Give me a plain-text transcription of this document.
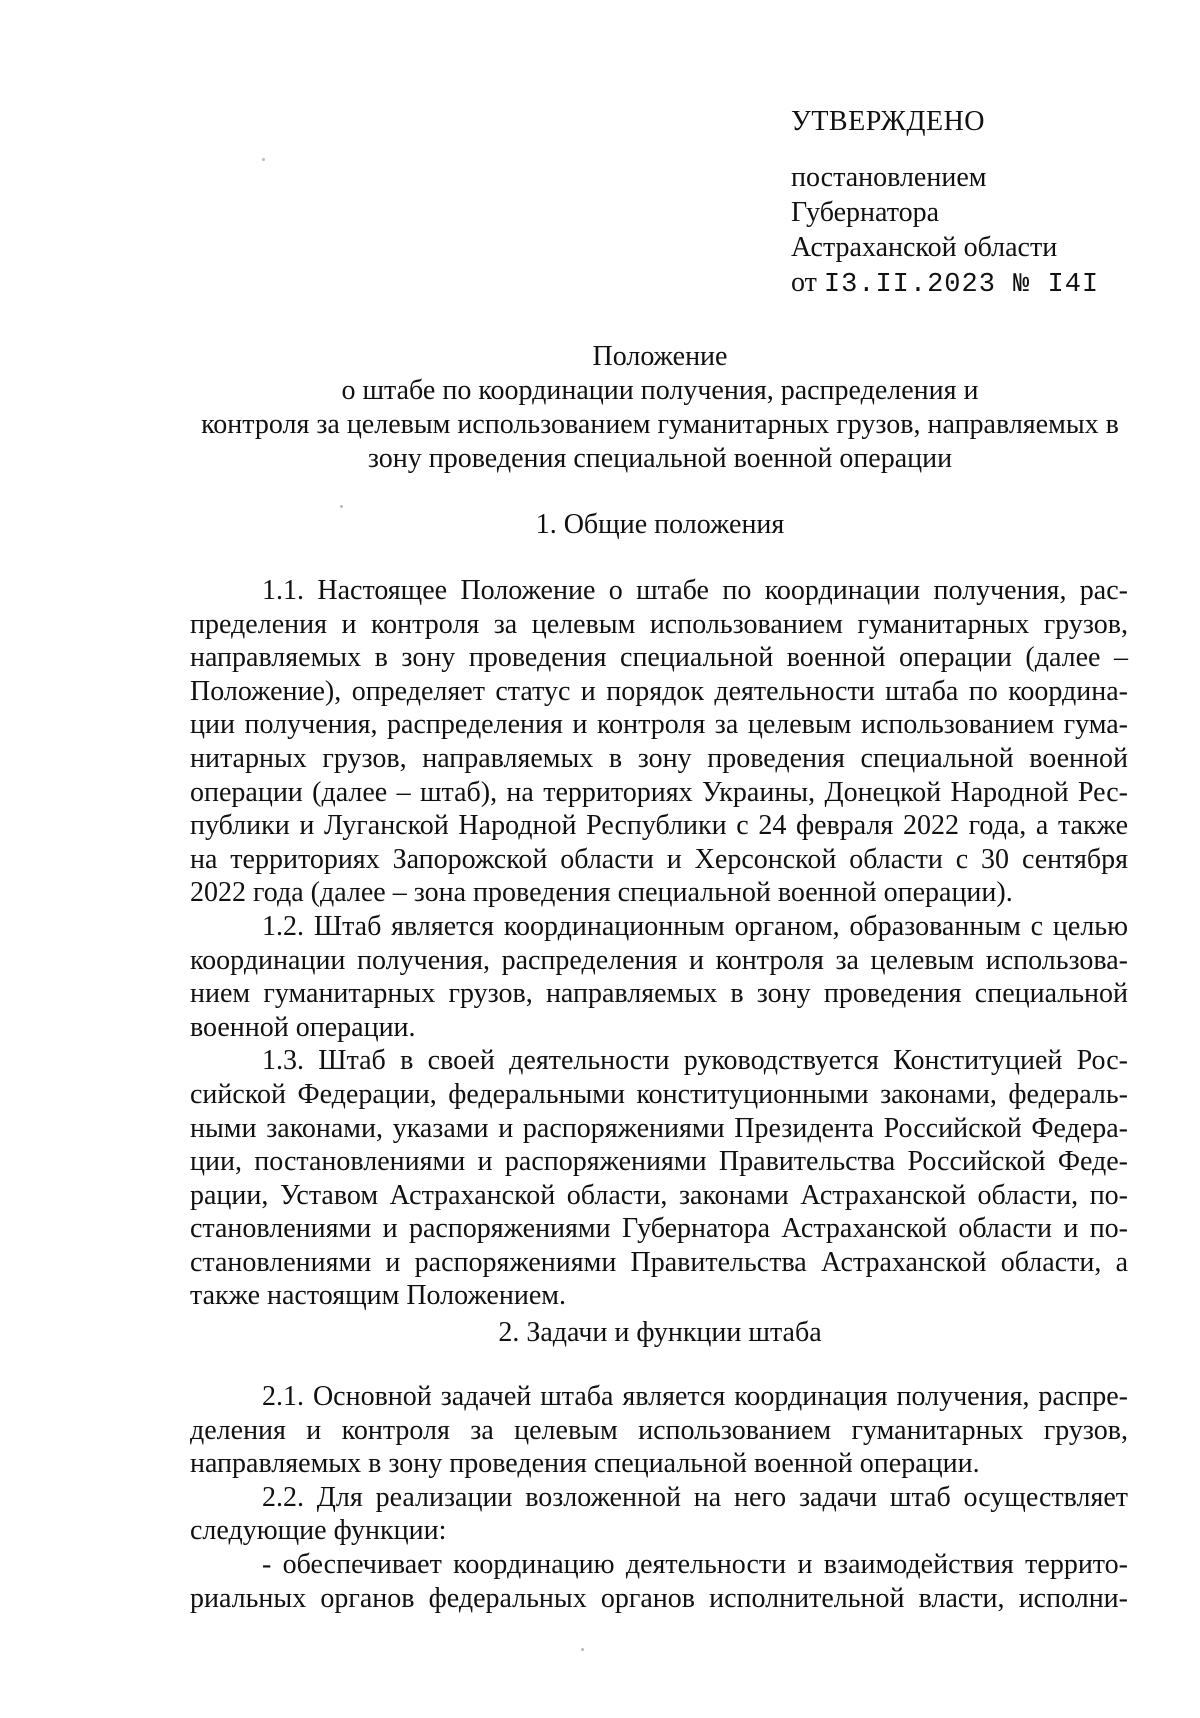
УТВЕРЖДЕНО
постановлением
Губернатора
Астраханской области
от I3.II.2023 № I4I
Положение
о штабе по координации получения, распределения и
контроля за целевым использованием гуманитарных грузов, направляемых в
зону проведения специальной военной операции
1. Общие положения
1.1. Настоящее Положение о штабе по координации получения, рас-
пределения и контроля за целевым использованием гуманитарных грузов,
направляемых в зону проведения специальной военной операции (далее –
Положение), определяет статус и порядок деятельности штаба по координа-
ции получения, распределения и контроля за целевым использованием гума-
нитарных грузов, направляемых в зону проведения специальной военной
операции (далее – штаб), на территориях Украины, Донецкой Народной Рес-
публики и Луганской Народной Республики с 24 февраля 2022 года, а также
на территориях Запорожской области и Херсонской области с 30 сентября
2022 года (далее – зона проведения специальной военной операции).
1.2. Штаб является координационным органом, образованным с целью
координации получения, распределения и контроля за целевым использова-
нием гуманитарных грузов, направляемых в зону проведения специальной
военной операции.
1.3. Штаб в своей деятельности руководствуется Конституцией Рос-
сийской Федерации, федеральными конституционными законами, федераль-
ными законами, указами и распоряжениями Президента Российской Федера-
ции, постановлениями и распоряжениями Правительства Российской Феде-
рации, Уставом Астраханской области, законами Астраханской области, по-
становлениями и распоряжениями Губернатора Астраханской области и по-
становлениями и распоряжениями Правительства Астраханской области, а
также настоящим Положением.
2. Задачи и функции штаба
2.1. Основной задачей штаба является координация получения, распре-
деления и контроля за целевым использованием гуманитарных грузов,
направляемых в зону проведения специальной военной операции.
2.2. Для реализации возложенной на него задачи штаб осуществляет
следующие функции:
- обеспечивает координацию деятельности и взаимодействия террито-
риальных органов федеральных органов исполнительной власти, исполни-
